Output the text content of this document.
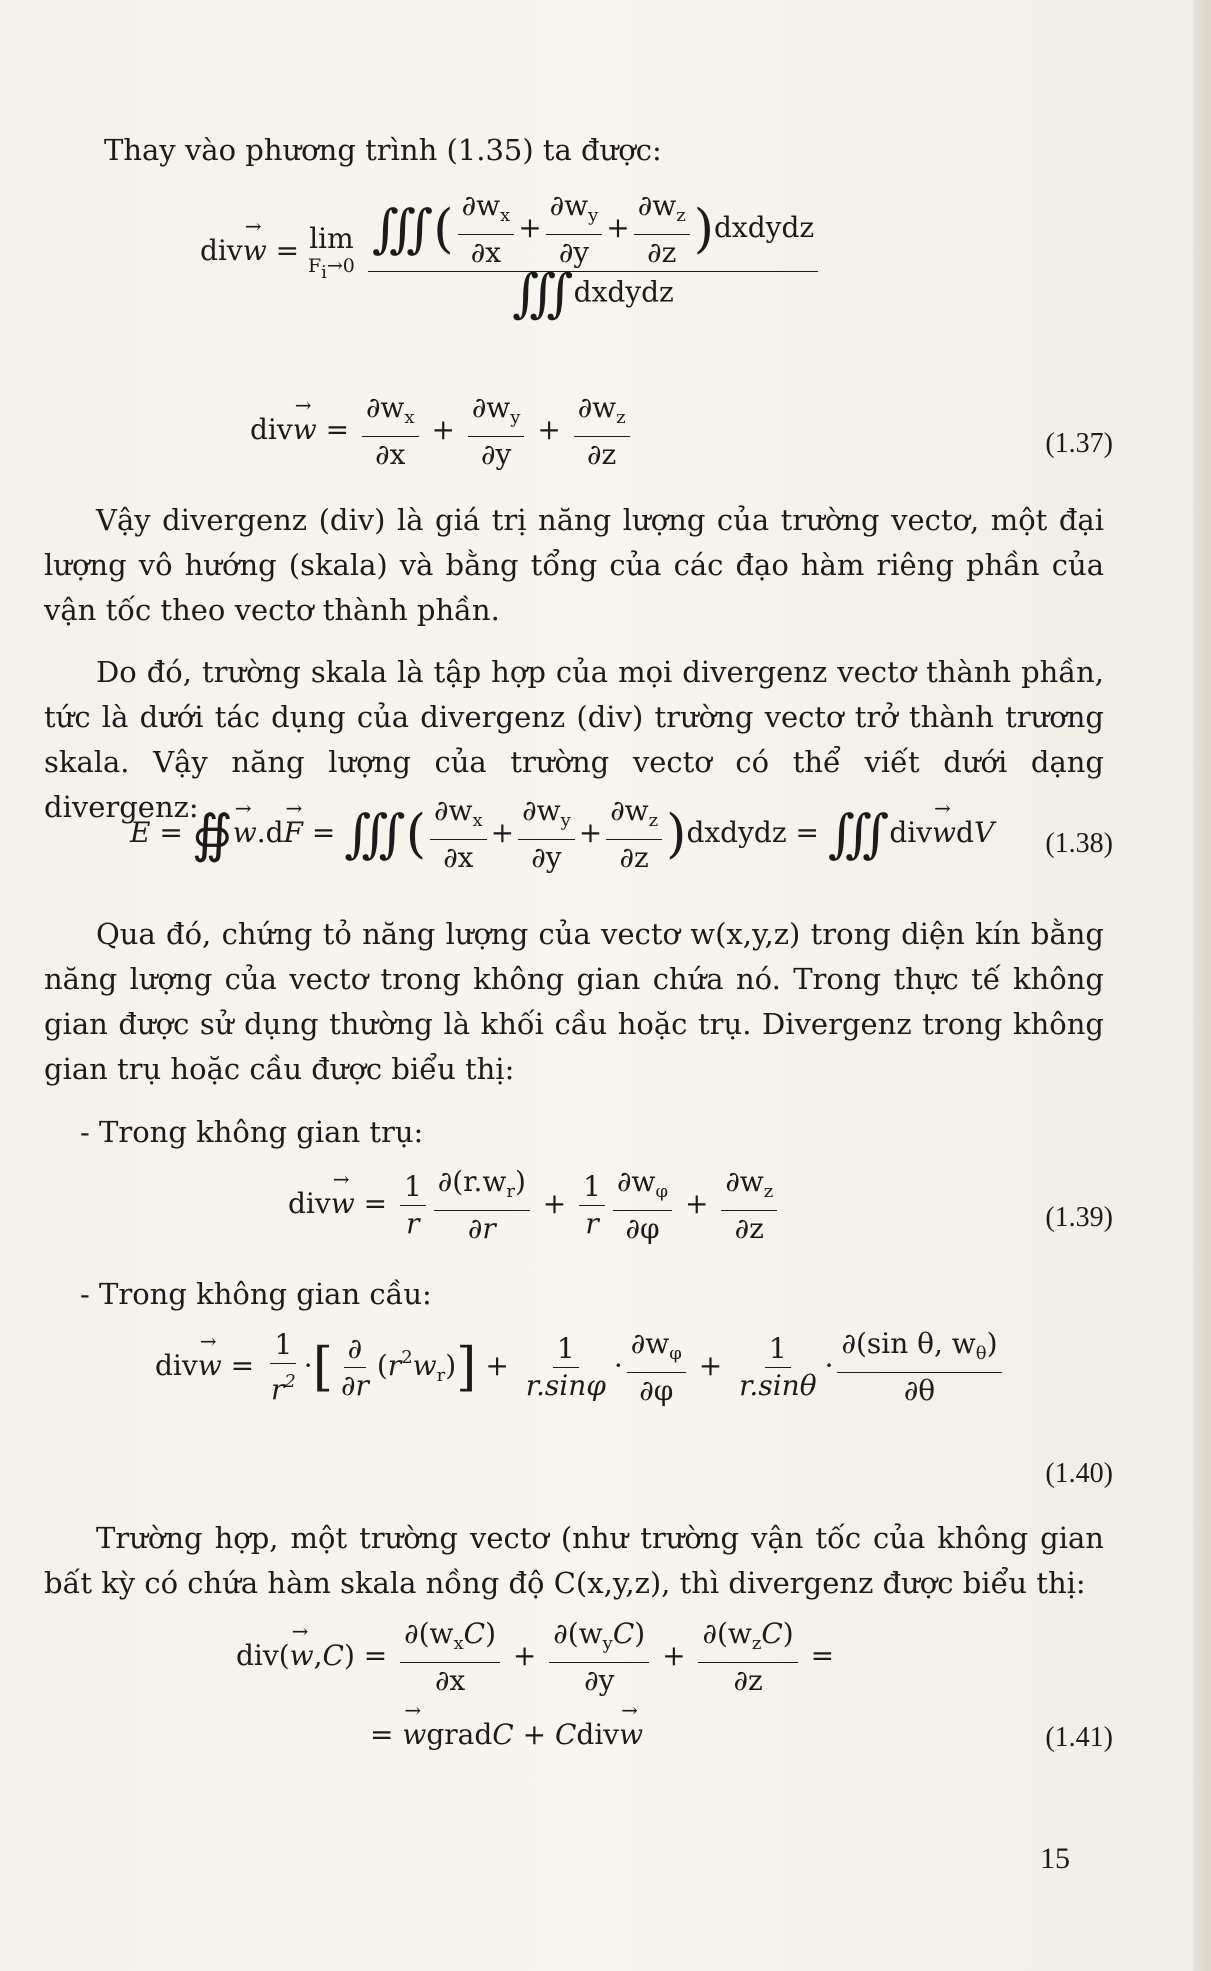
Thay vào phương trình (1.35) ta được:
divw → = lim
Fi→0
$\frac{∭( \frac{\partial w_x}{\partial x} + \frac{\partial w_y}{\partial y} + \frac{\partial w_z}{\partial z} )dxdydz}{\text{∭dxdydz}}$
divw → = $\frac{\partial w_x}{\partial x} + \frac{\partial w_y}{\partial y} + \frac{\partial w_z}{\partial z}$	(1.37)
Vậy divergenz (div) là giá trị năng lượng của trường vectơ, một đại lượng vô hướng (skala) và bằng tổng của các đạo hàm riêng phần của vận tốc theo vectơ thành phần.
Do đó, trường skala là tập hợp của mọi divergenz vectơ thành phần, tức là dưới tác dụng của divergenz (div) trường vectơ trở thành trương skala. Vậy năng lượng của trường vectơ có thể viết dưới dạng divergenz:
E = ∯w →.dF → = ∭( $\frac{\partial w_x}{\partial x} + \frac{\partial w_y}{\partial y} + \frac{\partial w_z}{\partial z}$ )dxdydz = ∭divw →dV (1.38)
Qua đó, chứng tỏ năng lượng của vectơ w(x,y,z) trong diện kín bằng năng lượng của vectơ trong không gian chứa nó. Trong thực tế không gian được sử dụng thường là khối cầu hoặc trụ. Divergenz trong không gian trụ hoặc cầu được biểu thị:
- Trong không gian trụ:
divw → = $\frac{1}{r} \frac{\partial(r.w_r)}{\partial r} + \frac{1}{r} \frac{\partial w_\varphi}{\partial\varphi} + \frac{\partial w_z}{\partial z}$	(1.39)
- Trong không gian cầu:
divw → = $\frac{1}{r^2}$ ·[ $\frac{\partial}{\partial r} (r^2w_r)] + \frac{1}{r.\sin\varphi} \cdot \frac{\partial w_\varphi}{\partial\varphi} + \frac{1}{r.\sin\theta} \cdot \frac{\partial(\sin \theta, w_\theta)}{\partial\theta}$
(1.40)
Trường hợp, một trường vectơ (như trường vận tốc của không gian bất kỳ có chứa hàm skala nồng độ C(x,y,z), thì divergenz được biểu thị:
$div(w \to,C) = \frac{\partial(w_xC)}{\partial x} + \frac{\partial(w_yC)}{\partial y} + \frac{\partial(w_zC)}{\partial z}$ =
= w →gradC + Cdivw →	(1.41)
15
